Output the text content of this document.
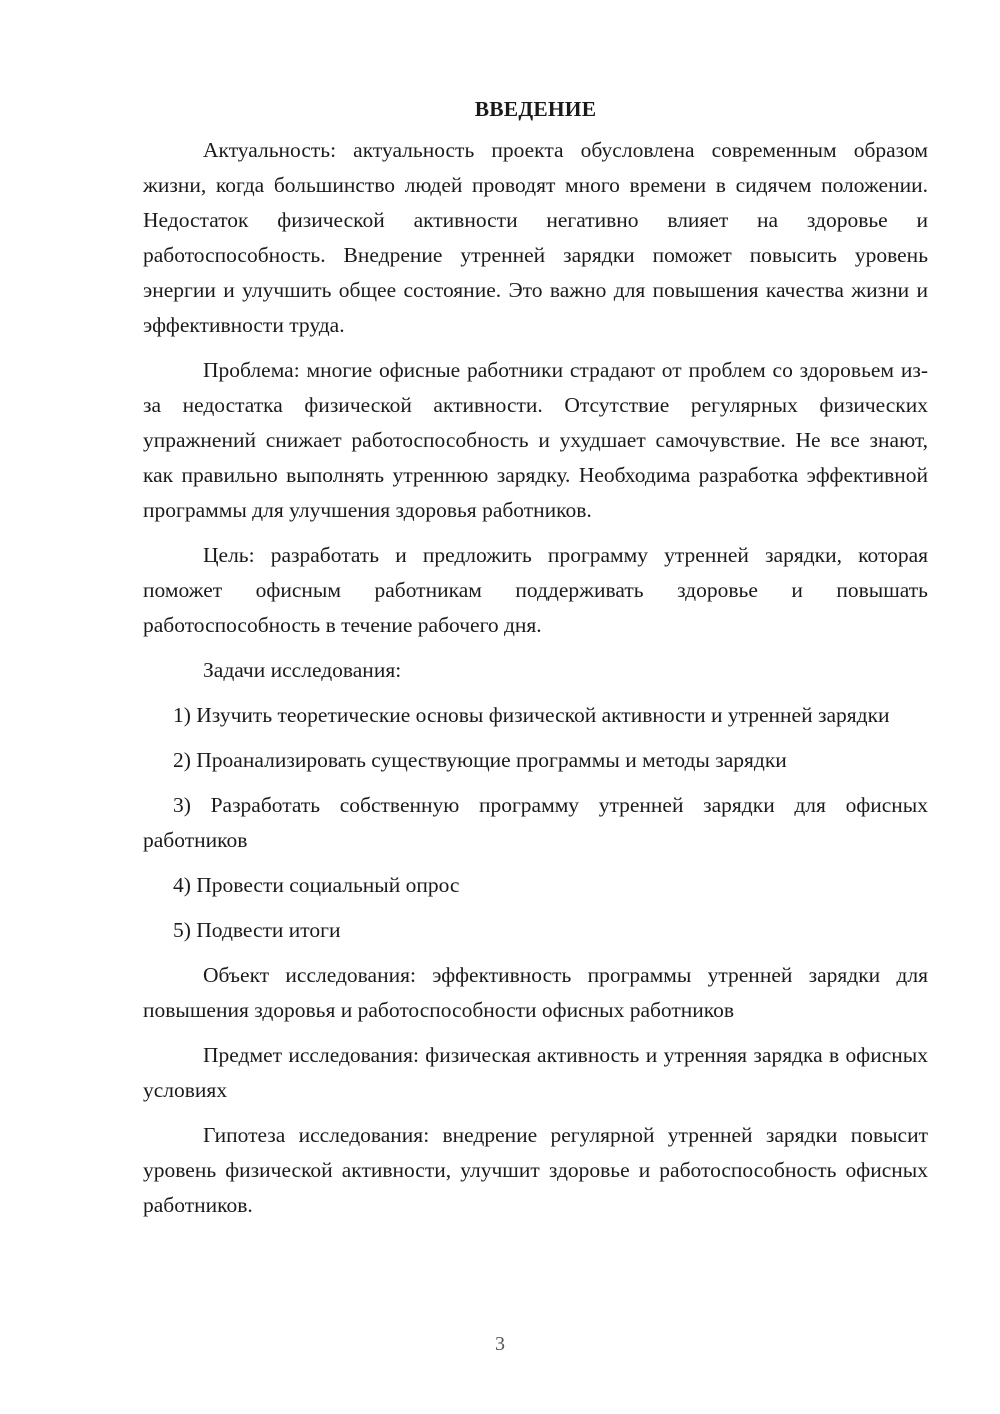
ВВЕДЕНИЕ

Актуальность: актуальность проекта обусловлена современным образом жизни, когда большинство людей проводят много времени в сидячем положении. Недостаток физической активности негативно влияет на здоровье и работоспособность. Внедрение утренней зарядки поможет повысить уровень энергии и улучшить общее состояние. Это важно для повышения качества жизни и эффективности труда.

Проблема: многие офисные работники страдают от проблем со здоровьем из-за недостатка физической активности. Отсутствие регулярных физических упражнений снижает работоспособность и ухудшает самочувствие. Не все знают, как правильно выполнять утреннюю зарядку. Необходима разработка эффективной программы для улучшения здоровья работников.

Цель: разработать и предложить программу утренней зарядки, которая поможет офисным работникам поддерживать здоровье и повышать работоспособность в течение рабочего дня.

Задачи исследования:

1) Изучить теоретические основы физической активности и утренней зарядки

2) Проанализировать существующие программы и методы зарядки

3) Разработать собственную программу утренней зарядки для офисных работников

4) Провести социальный опрос

5) Подвести итоги

Объект исследования: эффективность программы утренней зарядки для повышения здоровья и работоспособности офисных работников

Предмет исследования: физическая активность и утренняя зарядка в офисных условиях

Гипотеза исследования: внедрение регулярной утренней зарядки повысит уровень физической активности, улучшит здоровье и работоспособность офисных работников.

3
